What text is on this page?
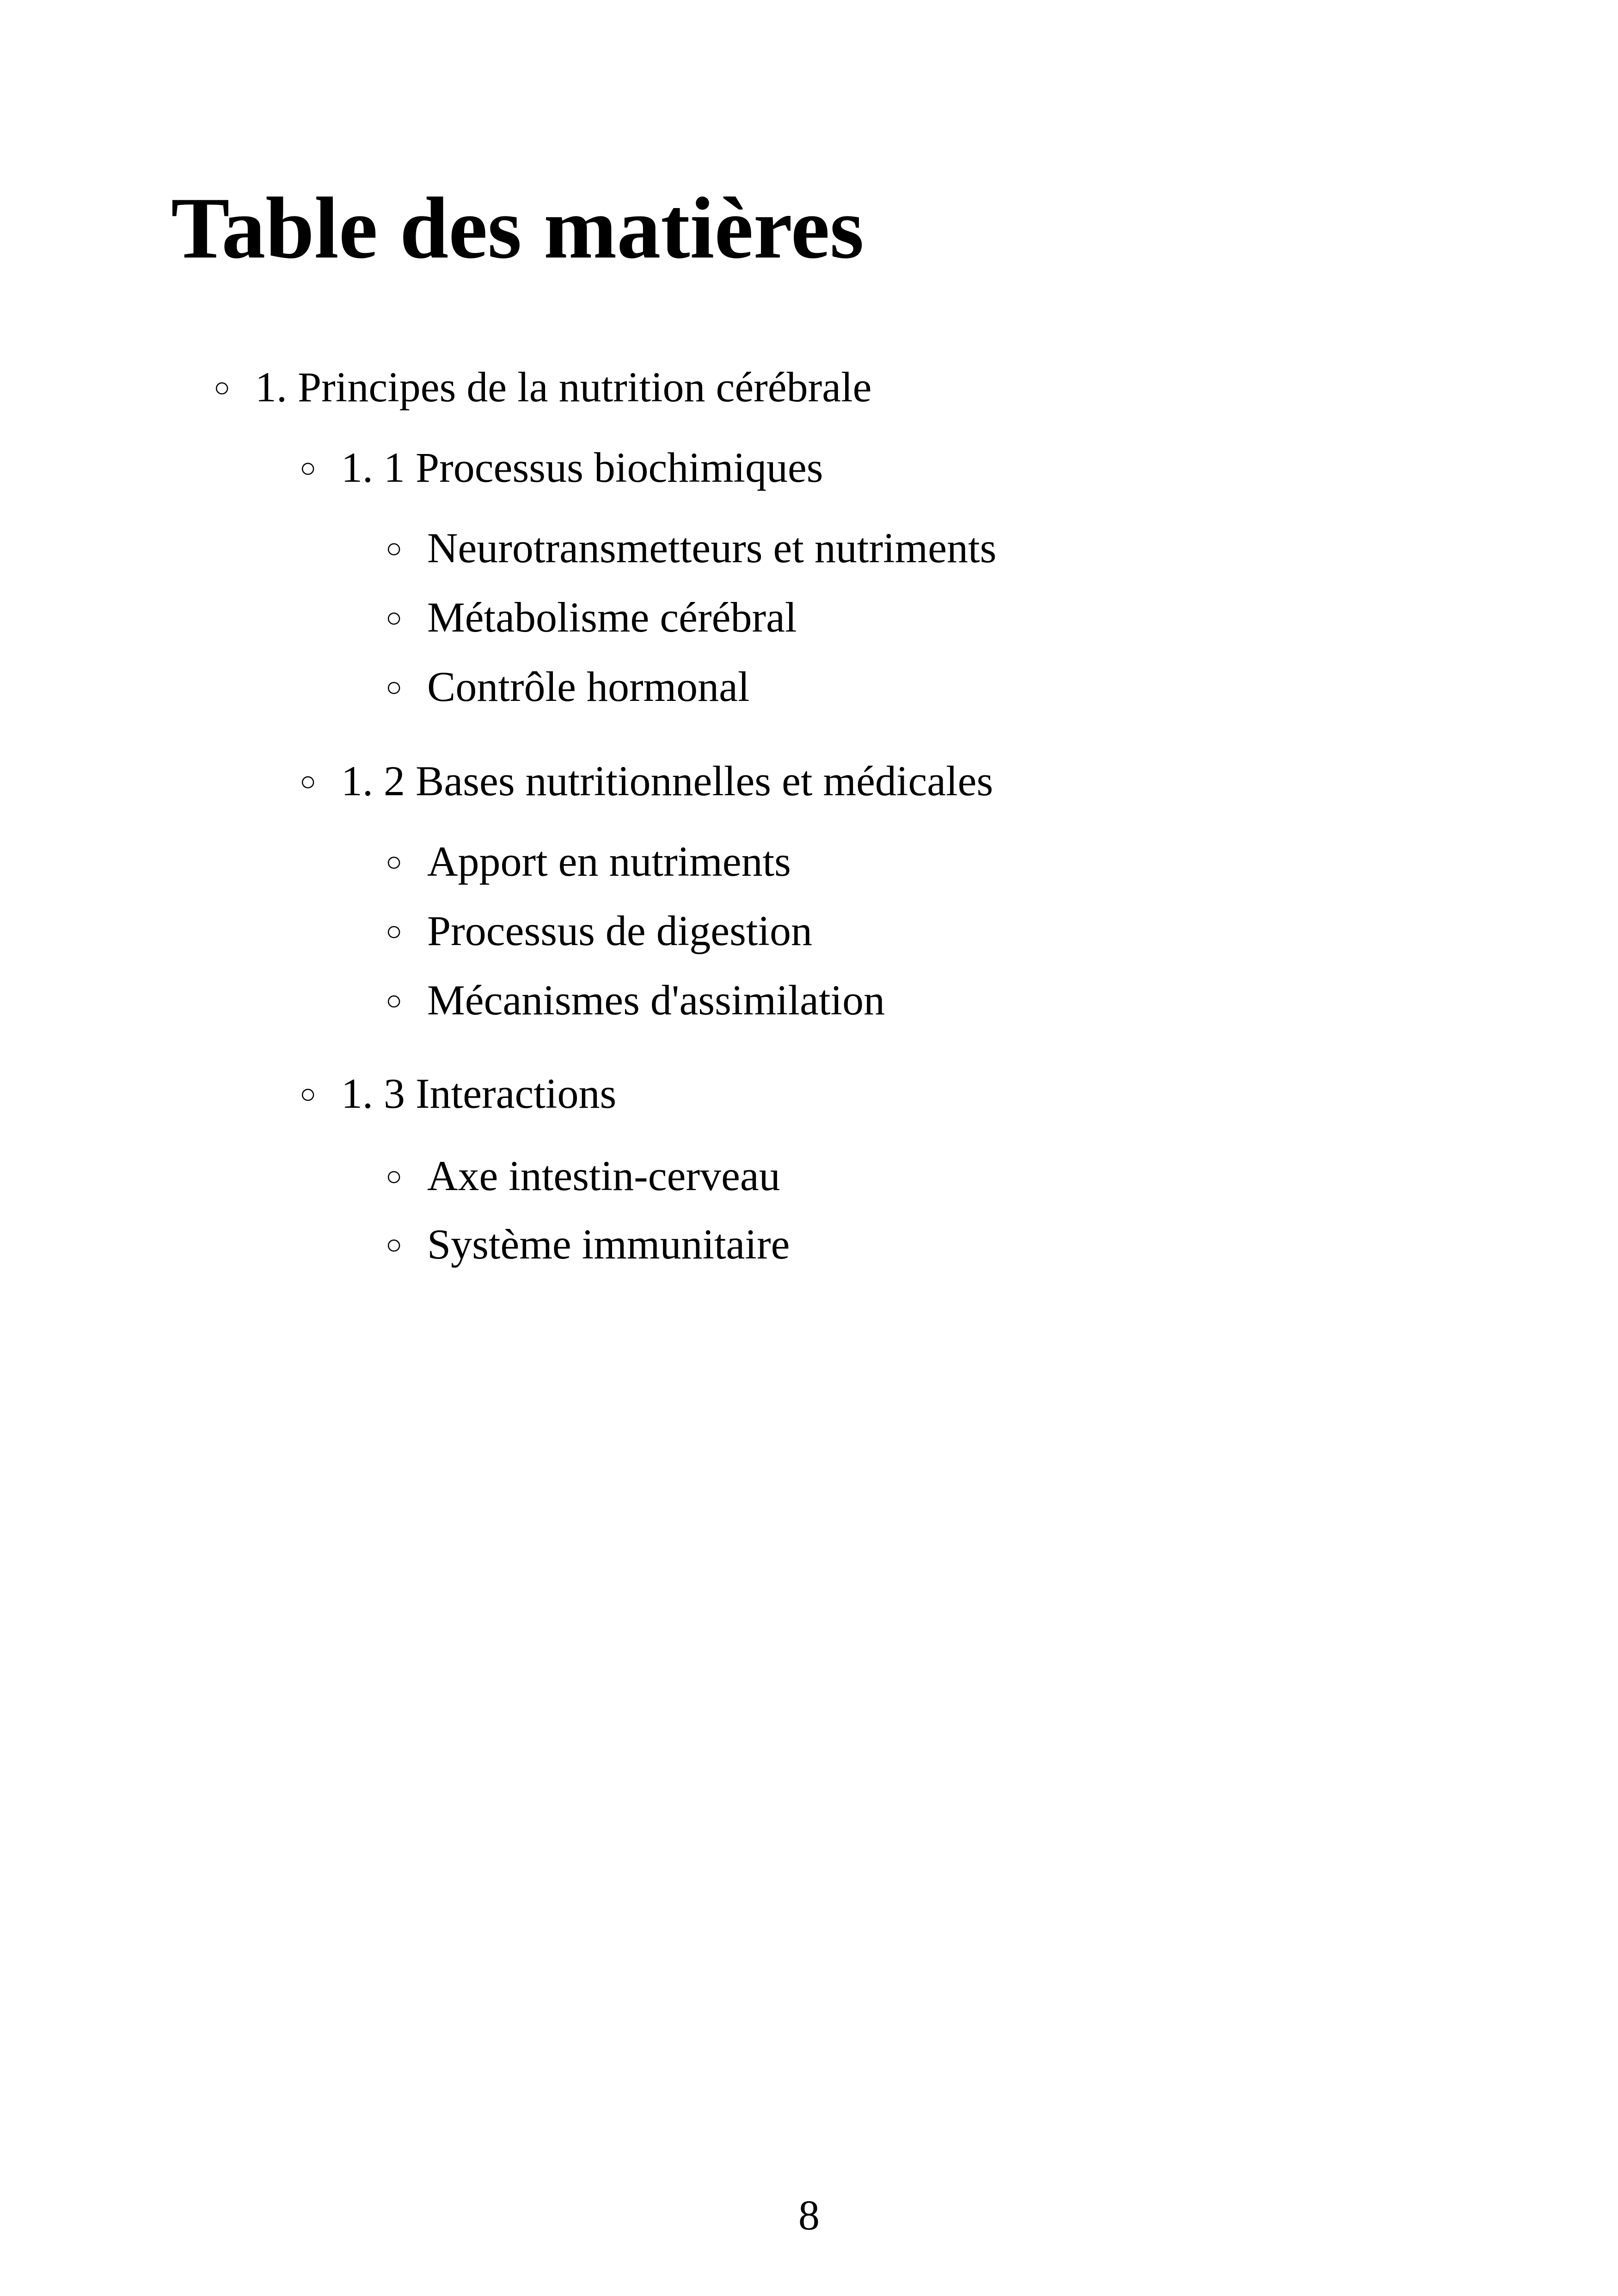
Table des matières
○ 1. Principes de la nutrition cérébrale
○ 1. 1 Processus biochimiques
○ Neurotransmetteurs et nutriments
○ Métabolisme cérébral
○ Contrôle hormonal
○ 1. 2 Bases nutritionnelles et médicales
○ Apport en nutriments
○ Processus de digestion
○ Mécanismes d'assimilation
○ 1. 3 Interactions
○ Axe intestin-cerveau
○ Système immunitaire
8
